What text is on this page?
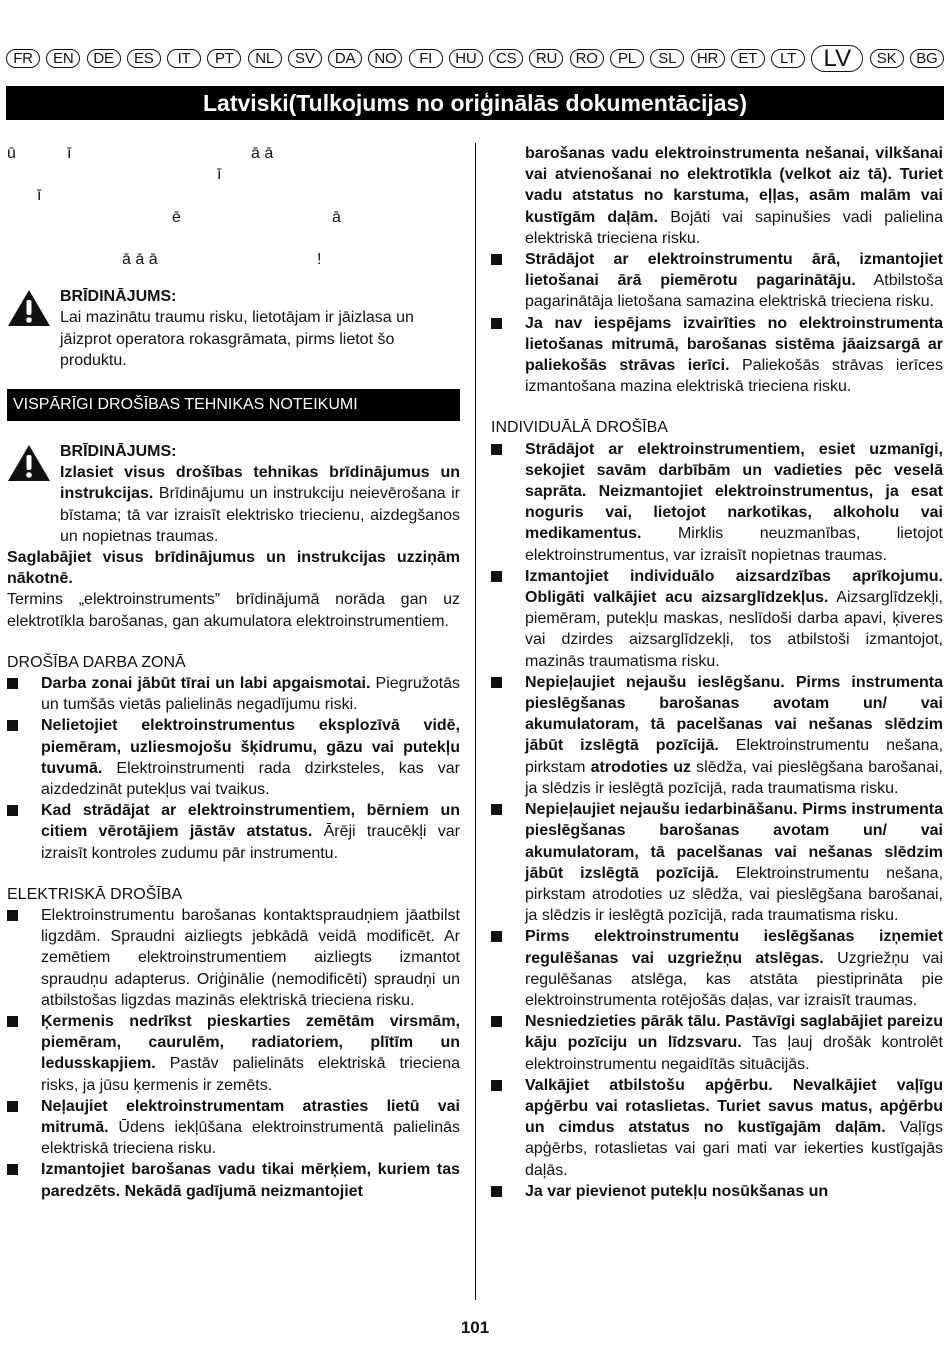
FR	EN	DE	ES	IT	PT	NL	SV	DA	NO	FI	HU	CS	RU	RO	PL	SL	HR	ET	LT	LV	SK	BG
Latviski(Tulkojums no oriģinālās dokumentācijas)
ū	ī	ā ā
ī
ī
ē	ā
ā ā ā	!
BRĪDINĀJUMS:
Lai mazinātu traumu risku, lietotājam ir jāizlasa un jāizprot operatora rokasgrāmata, pirms lietot šo produktu.
VISPĀRĪGI DROŠĪBAS TEHNIKAS NOTEIKUMI
BRĪDINĀJUMS:

Izlasiet visus drošības tehnikas brīdinājumus un instrukcijas. Brīdinājumu un instrukciju neievērošana ir bīstama; tā var izraisīt elektrisko triecienu, aizdegšanos un nopietnas traumas.

Saglabājiet visus brīdinājumus un instrukcijas uzziņām nākotnē.

Termins „elektroinstruments” brīdinājumā norāda gan uz elektrotīkla barošanas, gan akumulatora elektroinstrumentiem.

DROŠĪBA DARBA ZONĀ
Darba zonai jābūt tīrai un labi apgaismotai. Piegružotās un tumšās vietās palielinās negadījumu riski.
Nelietojiet elektroinstrumentus eksplozīvā vidē, piemēram, uzliesmojošu šķidrumu, gāzu vai putekļu tuvumā. Elektroinstrumenti rada dzirksteles, kas var aizdedzināt putekļus vai tvaikus.
Kad strādājat ar elektroinstrumentiem, bērniem un citiem vērotājiem jāstāv atstatus. Ārēji traucēkļi var izraisīt kontroles zudumu pār instrumentu.
ELEKTRISKĀ DROŠĪBA
Elektroinstrumentu barošanas kontaktspraudņiem jāatbilst ligzdām. Spraudni aizliegts jebkādā veidā modificēt. Ar zemētiem elektroinstrumentiem aizliegts izmantot spraudņu adapterus. Oriģinālie (nemodificēti) spraudņi un atbilstošas ligzdas mazinās elektriskā trieciena risku.
Ķermenis nedrīkst pieskarties zemētām virsmām, piemēram, caurulēm, radiatoriem, plītīm un ledusskapjiem. Pastāv palielināts elektriskā trieciena risks, ja jūsu ķermenis ir zemēts.
Neļaujiet elektroinstrumentam atrasties lietū vai mitrumā. Ūdens iekļūšana elektroinstrumentā palielinās elektriskā trieciena risku.
Izmantojiet barošanas vadu tikai mērķiem, kuriem tas paredzēts. Nekādā gadījumā neizmantojiet

barošanas vadu elektroinstrumenta nešanai, vilkšanai vai atvienošanai no elektrotīkla (velkot aiz tā). Turiet vadu atstatus no karstuma, eļļas, asām malām vai kustīgām daļām. Bojāti vai sapinušies vadi palielina elektriskā trieciena risku.

Strādājot ar elektroinstrumentu ārā, izmantojiet lietošanai ārā piemērotu pagarinātāju. Atbilstoša pagarinātāja lietošana samazina elektriskā trieciena risku.
Ja nav iespējams izvairīties no elektroinstrumenta lietošanas mitrumā, barošanas sistēma jāaizsargā ar paliekošās strāvas ierīci. Paliekošās strāvas ierīces izmantošana mazina elektriskā trieciena risku.
INDIVIDUĀLĀ DROŠĪBA
Strādājot ar elektroinstrumentiem, esiet uzmanīgi, sekojiet savām darbībām un vadieties pēc veselā saprāta. Neizmantojiet elektroinstrumentus, ja esat noguris vai, lietojot narkotikas, alkoholu vai medikamentus. Mirklis neuzmanības, lietojot elektroinstrumentus, var izraisīt nopietnas traumas.
Izmantojiet individuālo aizsardzības aprīkojumu. Obligāti valkājiet acu aizsarglīdzekļus. Aizsarglīdzekļi, piemēram, putekļu maskas, neslīdoši darba apavi, ķiveres vai dzirdes aizsarglīdzekļi, tos atbilstoši izmantojot, mazinās traumatisma risku.
Nepieļaujiet nejaušu ieslēgšanu. Pirms instrumenta pieslēgšanas barošanas avotam un/ vai akumulatoram, tā pacelšanas vai nešanas slēdzim jābūt izslēgtā pozīcijā. Elektroinstrumentu nešana, pirkstam atrodoties uz slēdža, vai pieslēgšana barošanai, ja slēdzis ir ieslēgtā pozīcijā, rada traumatisma risku.
Nepieļaujiet nejaušu iedarbināšanu. Pirms instrumenta pieslēgšanas barošanas avotam un/ vai akumulatoram, tā pacelšanas vai nešanas slēdzim jābūt izslēgtā pozīcijā. Elektroinstrumentu nešana, pirkstam atrodoties uz slēdža, vai pieslēgšana barošanai, ja slēdzis ir ieslēgtā pozīcijā, rada traumatisma risku.
Pirms elektroinstrumentu ieslēgšanas izņemiet regulēšanas vai uzgriežņu atslēgas. Uzgriežņu vai regulēšanas atslēga, kas atstāta piestiprināta pie elektroinstrumenta rotējošās daļas, var izraisīt traumas.
Nesniedzieties pārāk tālu. Pastāvīgi saglabājiet pareizu kāju pozīciju un līdzsvaru. Tas ļauj drošāk kontrolēt elektroinstrumentu negaidītās situācijās.
Valkājiet atbilstošu apģērbu. Nevalkājiet vaļīgu apģērbu vai rotaslietas. Turiet savus matus, apģērbu un cimdus atstatus no kustīgajām daļām. Vaļīgs apģērbs, rotaslietas vai gari mati var iekerties kustīgajās daļās.
Ja var pievienot putekļu nosūkšanas un
101
